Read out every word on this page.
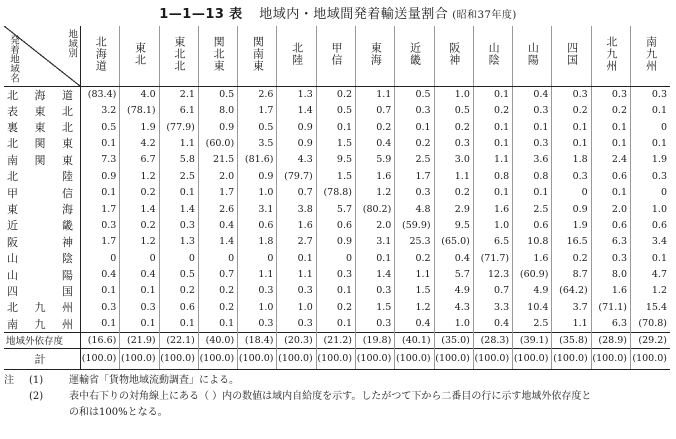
1—1—13 表 地域内・地域間発着輸送量割合 (昭和37年度)
地域別
発着地域名	北海道	東北	東北北	関北東	関南東	北陸	甲信	東海	近畿	阪神	山陰	山陽	四国	北九州	南九州
北海道	(83.4)	4.0	2.1	0.5	2.6	1.3	0.2	1.1	0.5	1.0	0.1	0.4	0.3	0.3	0.3
表東北	3.2	(78.1)	6.1	8.0	1.7	1.4	0.5	0.7	0.3	0.5	0.2	0.3	0.2	0.2	0.1
裏東北	0.5	1.9	(77.9)	0.9	0.5	0.9	0.1	0.2	0.1	0.2	0.1	0.1	0.1	0.1	0
北関東	0.1	4.2	1.1	(60.0)	3.5	0.9	1.5	0.4	0.2	0.3	0.1	0.3	0.1	0.1	0.1
南関東	7.3	6.7	5.8	21.5	(81.6)	4.3	9.5	5.9	2.5	3.0	1.1	3.6	1.8	2.4	1.9
北陸	0.9	1.2	2.5	2.0	0.9	(79.7)	1.5	1.6	1.7	1.1	0.8	0.8	0.3	0.6	0.3
甲信	0.1	0.2	0.1	1.7	1.0	0.7	(78.8)	1.2	0.3	0.2	0.1	0.1	0	0.1	0
東海	1.7	1.4	1.4	2.6	3.1	3.8	5.7	(80.2)	4.8	2.9	1.6	2.5	0.9	2.0	1.0
近畿	0.3	0.2	0.3	0.4	0.6	1.6	0.6	2.0	(59.9)	9.5	1.0	0.6	1.9	0.6	0.6
阪神	1.7	1.2	1.3	1.4	1.8	2.7	0.9	3.1	25.3	(65.0)	6.5	10.8	16.5	6.3	3.4
山陰	0	0	0	0	0	0.1	0	0.1	0.2	0.4	(71.7)	1.6	0.2	0.3	0.1
山陽	0.4	0.4	0.5	0.7	1.1	1.1	0.3	1.4	1.1	5.7	12.3	(60.9)	8.7	8.0	4.7
四国	0.1	0.1	0.2	0.2	0.3	0.3	0.1	0.3	1.5	4.9	0.7	4.9	(64.2)	1.6	1.2
北九州	0.3	0.3	0.6	0.2	1.0	1.0	0.2	1.5	1.2	4.3	3.3	10.4	3.7	(71.1)	15.4
南九州	0.1	0.1	0.1	0.1	0.3	0.3	0.1	0.3	0.4	1.0	0.4	2.5	1.1	6.3	(70.8)
地域外依存度	(16.6)	(21.9)	(22.1)	(40.0)	(18.4)	(20.3)	(21.2)	(19.8)	(40.1)	(35.0)	(28.3)	(39.1)	(35.8)	(28.9)	(29.2)
計	(100.0)	(100.0)	(100.0)	(100.0)	(100.0)	(100.0)	(100.0)	(100.0)	(100.0)	(100.0)	(100.0)	(100.0)	(100.0)	(100.0)	(100.0)
注	(1)	運輸省「貨物地域流動調査」による。
(2)	表中右下りの対角線上にある（ ）内の数値は域内自給度を示す。したがつて下から二番目の行に示す地域外依存度と
の和は100%となる。
